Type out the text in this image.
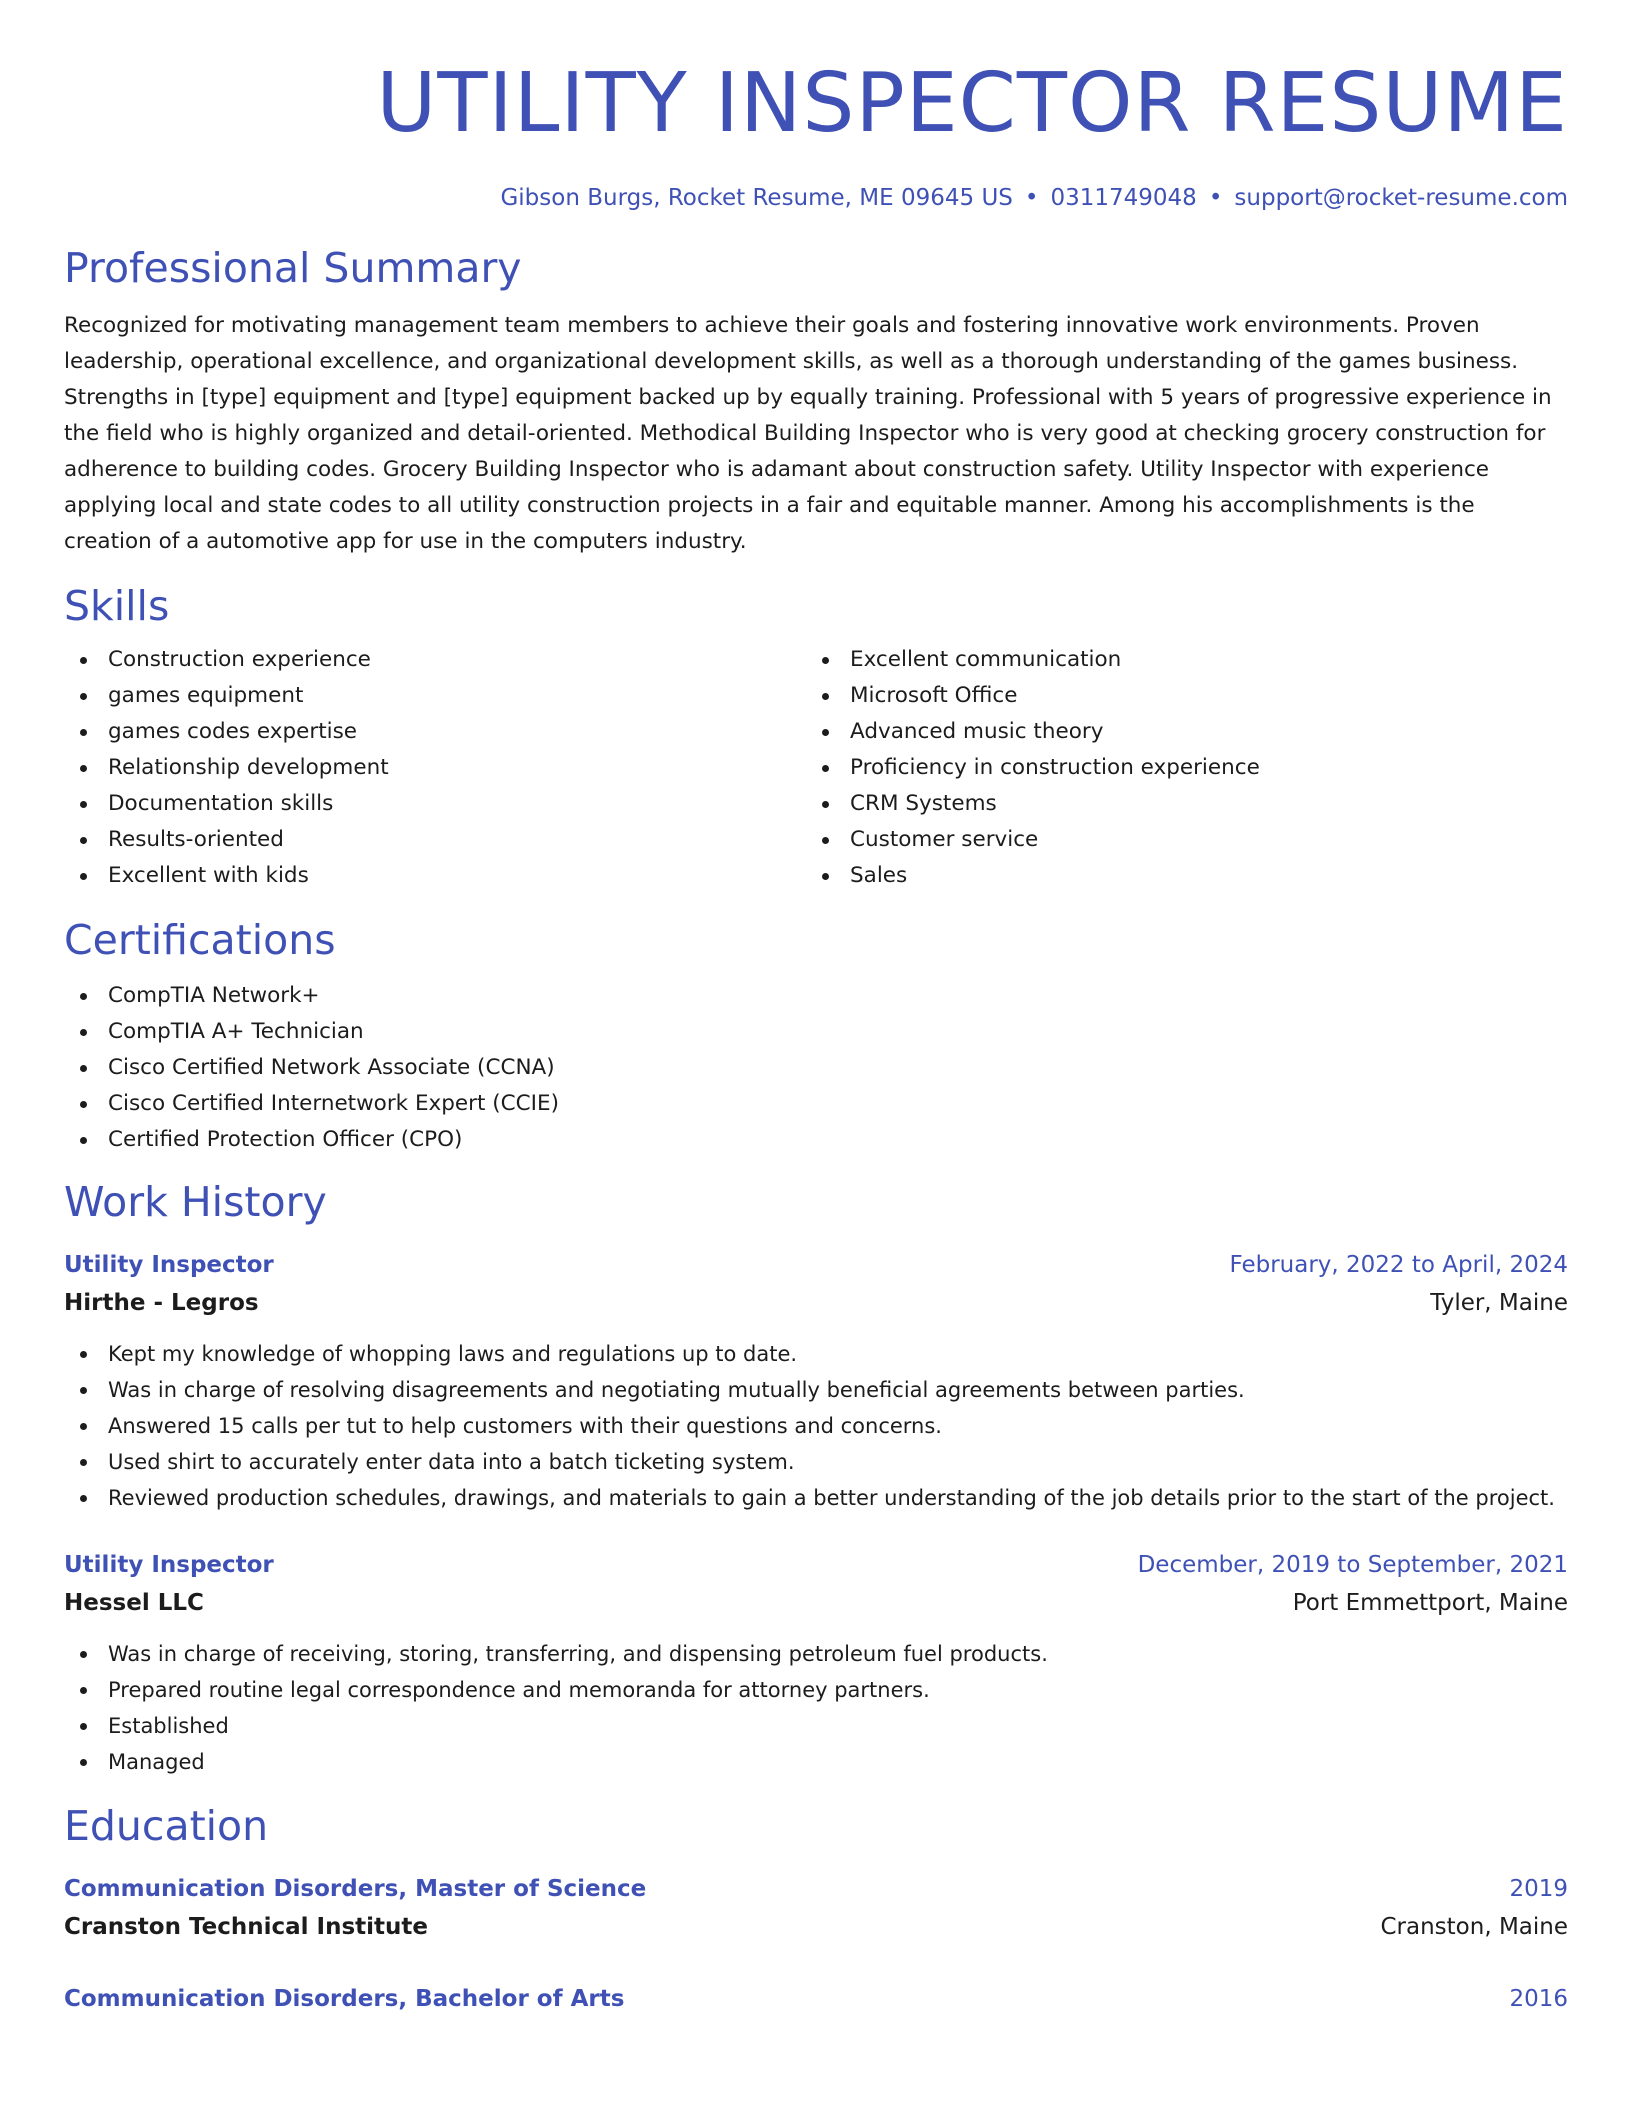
UTILITY INSPECTOR RESUME
Gibson Burgs, Rocket Resume, ME 09645 US • 0311749048 • support@rocket-resume.com
Professional Summary

Recognized for motivating management team members to achieve their goals and fostering innovative work environments. Proven leadership, operational excellence, and organizational development skills, as well as a thorough understanding of the games business. Strengths in [type] equipment and [type] equipment backed up by equally training. Professional with 5 years of progressive experience in the field who is highly organized and detail-oriented. Methodical Building Inspector who is very good at checking grocery construction for adherence to building codes. Grocery Building Inspector who is adamant about construction safety. Utility Inspector with experience applying local and state codes to all utility construction projects in a fair and equitable manner. Among his accomplishments is the creation of a automotive app for use in the computers industry.

Skills
Construction experience
games equipment
games codes expertise
Relationship development
Documentation skills
Results-oriented
Excellent with kids
Excellent communication
Microsoft Office
Advanced music theory
Proficiency in construction experience
CRM Systems
Customer service
Sales
Certifications
CompTIA Network+
CompTIA A+ Technician
Cisco Certified Network Associate (CCNA)
Cisco Certified Internetwork Expert (CCIE)
Certified Protection Officer (CPO)
Work History
Utility Inspector	February, 2022 to April, 2024
Hirthe - Legros	Tyler, Maine
Kept my knowledge of whopping laws and regulations up to date.
Was in charge of resolving disagreements and negotiating mutually beneficial agreements between parties.
Answered 15 calls per tut to help customers with their questions and concerns.
Used shirt to accurately enter data into a batch ticketing system.
Reviewed production schedules, drawings, and materials to gain a better understanding of the job details prior to the start of the project.
Utility Inspector	December, 2019 to September, 2021
Hessel LLC	Port Emmettport, Maine
Was in charge of receiving, storing, transferring, and dispensing petroleum fuel products.
Prepared routine legal correspondence and memoranda for attorney partners.
Established
Managed
Education
Communication Disorders, Master of Science	2019
Cranston Technical Institute	Cranston, Maine
Communication Disorders, Bachelor of Arts	2016
